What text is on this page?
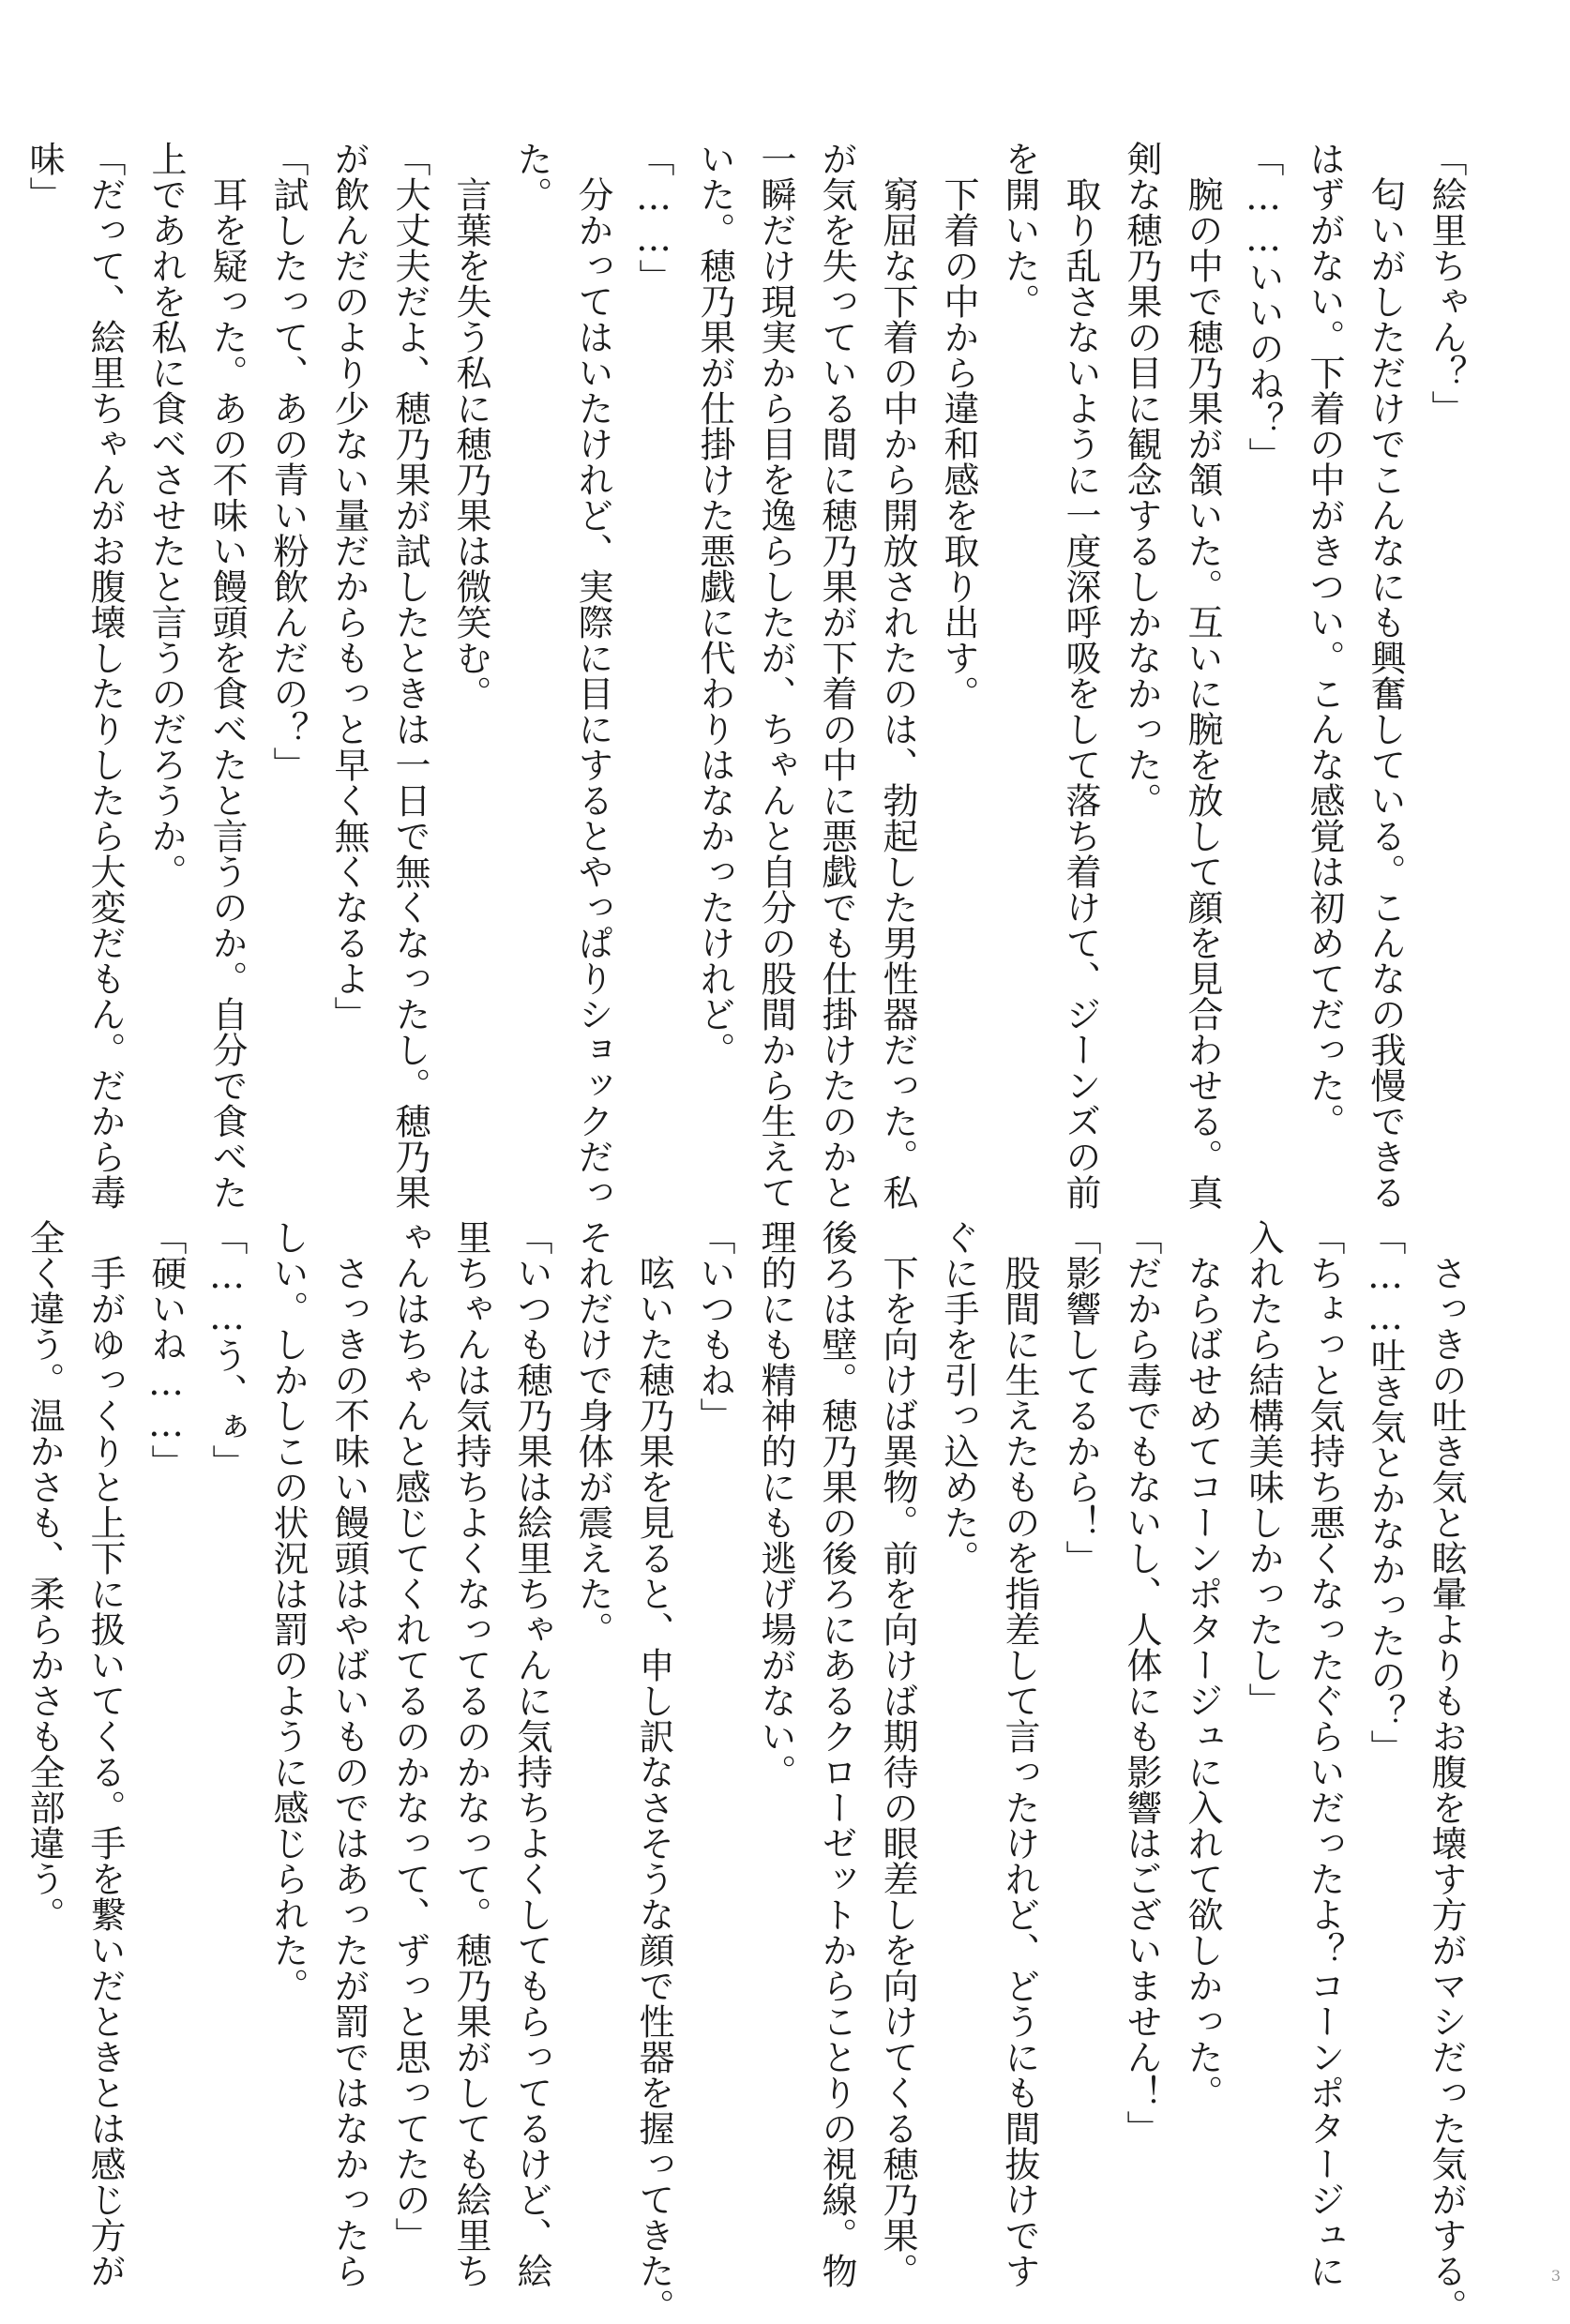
「絵里ちゃん？」
　匂いがしただけでこんなにも興奮している。こんなの我慢できる
はずがない。下着の中がきつい。こんな感覚は初めてだった。
「……いいのね？」
　腕の中で穂乃果が頷いた。互いに腕を放して顔を見合わせる。真
剣な穂乃果の目に観念するしかなかった。
　取り乱さないように一度深呼吸をして落ち着けて、ジーンズの前
を開いた。
　下着の中から違和感を取り出す。
　窮屈な下着の中から開放されたのは、勃起した男性器だった。私
が気を失っている間に穂乃果が下着の中に悪戯でも仕掛けたのかと
一瞬だけ現実から目を逸らしたが、ちゃんと自分の股間から生えて
いた。穂乃果が仕掛けた悪戯に代わりはなかったけれど。
「……」
　分かってはいたけれど、実際に目にするとやっぱりショックだっ
た。
　言葉を失う私に穂乃果は微笑む。
「大丈夫だよ、穂乃果が試したときは一日で無くなったし。穂乃果
が飲んだのより少ない量だからもっと早く無くなるよ」
「試したって、あの青い粉飲んだの？」
　耳を疑った。あの不味い饅頭を食べたと言うのか。自分で食べた
上であれを私に食べさせたと言うのだろうか。
「だって、絵里ちゃんがお腹壊したりしたら大変だもん。だから毒
味」
　さっきの吐き気と眩暈よりもお腹を壊す方がマシだった気がする。
「……吐き気とかなかったの？」
「ちょっと気持ち悪くなったぐらいだったよ？コーンポタージュに
入れたら結構美味しかったし」
　ならばせめてコーンポタージュに入れて欲しかった。
「だから毒でもないし、人体にも影響はございません！」
「影響してるから！」
　股間に生えたものを指差して言ったけれど、どうにも間抜けです
ぐに手を引っ込めた。
　下を向けば異物。前を向けば期待の眼差しを向けてくる穂乃果。
後ろは壁。穂乃果の後ろにあるクローゼットからことりの視線。物
理的にも精神的にも逃げ場がない。
「いつもね」
　呟いた穂乃果を見ると、申し訳なさそうな顔で性器を握ってきた。
それだけで身体が震えた。
「いつも穂乃果は絵里ちゃんに気持ちよくしてもらってるけど、絵
里ちゃんは気持ちよくなってるのかなって。穂乃果がしても絵里ち
ゃんはちゃんと感じてくれてるのかなって、ずっと思ってたの」
　さっきの不味い饅頭はやばいものではあったが罰ではなかったら
しい。しかしこの状況は罰のように感じられた。
「……う、ぁ」
「硬いね……」
　手がゆっくりと上下に扱いてくる。手を繋いだときとは感じ方が
全く違う。温かさも、柔らかさも全部違う。
3
